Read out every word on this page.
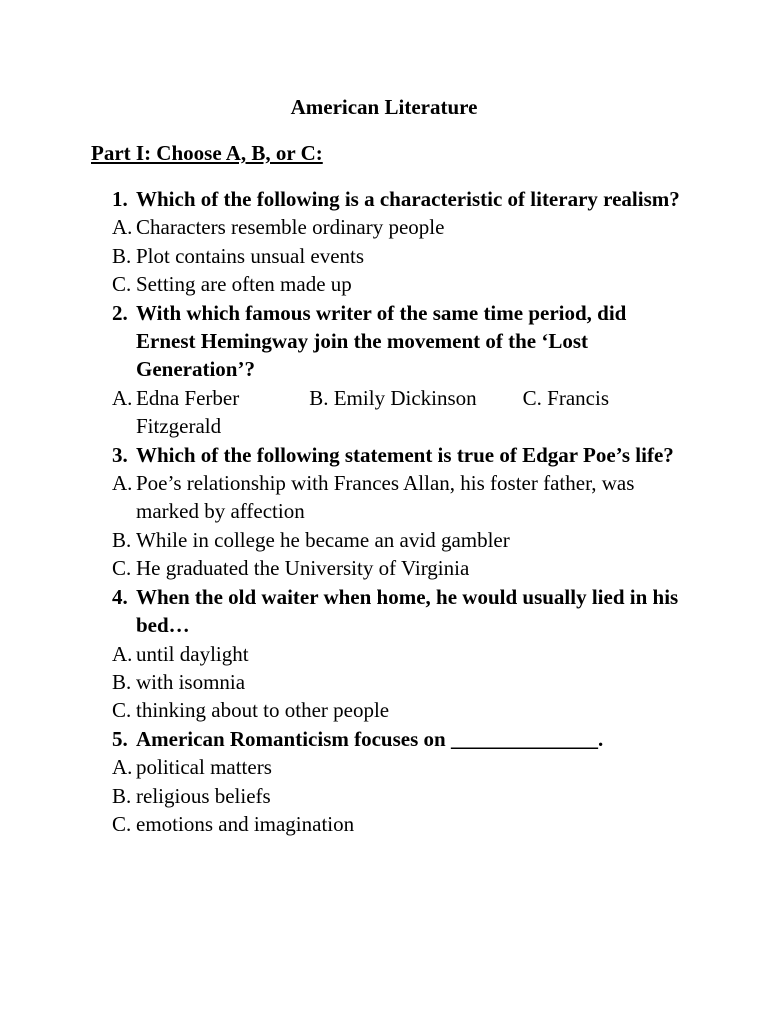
American Literature
Part I: Choose A, B, or C:
1. Which of the following is a characteristic of literary realism?
A. Characters resemble ordinary people
B. Plot contains unsual events
C. Setting are often made up
2. With which famous writer of the same time period, did Ernest Hemingway join the movement of the ‘Lost Generation’?
A. Edna Ferber	B. Emily Dickinson C. Francis Fitzgerald
3. Which of the following statement is true of Edgar Poe’s life?
A. Poe’s relationship with Frances Allan, his foster father, was marked by affection
B. While in college he became an avid gambler
C. He graduated the University of Virginia
4. When the old waiter when home, he would usually lied in his bed…
A. until daylight
B. with isomnia
C. thinking about to other people
5. American Romanticism focuses on ______________.
A. political matters
B. religious beliefs
C. emotions and imagination
